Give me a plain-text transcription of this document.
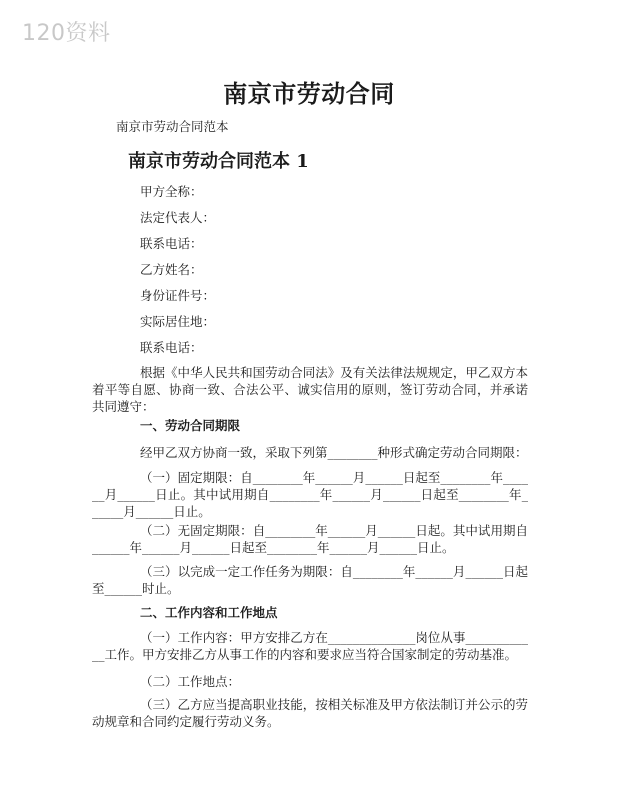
120资料
南京市劳动合同
南京市劳动合同范本
南京市劳动合同范本 1
甲方全称：
法定代表人：
联系电话：
乙方姓名：
身份证件号：
实际居住地：
联系电话：
根据《中华人民共和国劳动合同法》及有关法律法规规定，甲乙双方本着平等自愿、协商一致、合法公平、诚实信用的原则，签订劳动合同，并承诺共同遵守：
一、劳动合同期限
经甲乙双方协商一致，采取下列第________种形式确定劳动合同期限：
（一）固定期限：自________年______月______日起至________年______月______日止。其中试用期自________年______月______日起至________年______月______日止。
（二）无固定期限：自________年______月______日起。其中试用期自______年______月______日起至________年______月______日止。
（三）以完成一定工作任务为期限：自________年______月______日起至______时止。
二、工作内容和工作地点
（一）工作内容：甲方安排乙方在______________岗位从事____________工作。甲方安排乙方从事工作的内容和要求应当符合国家制定的劳动基准。
（二）工作地点：
（三）乙方应当提高职业技能，按相关标准及甲方依法制订并公示的劳动规章和合同约定履行劳动义务。
